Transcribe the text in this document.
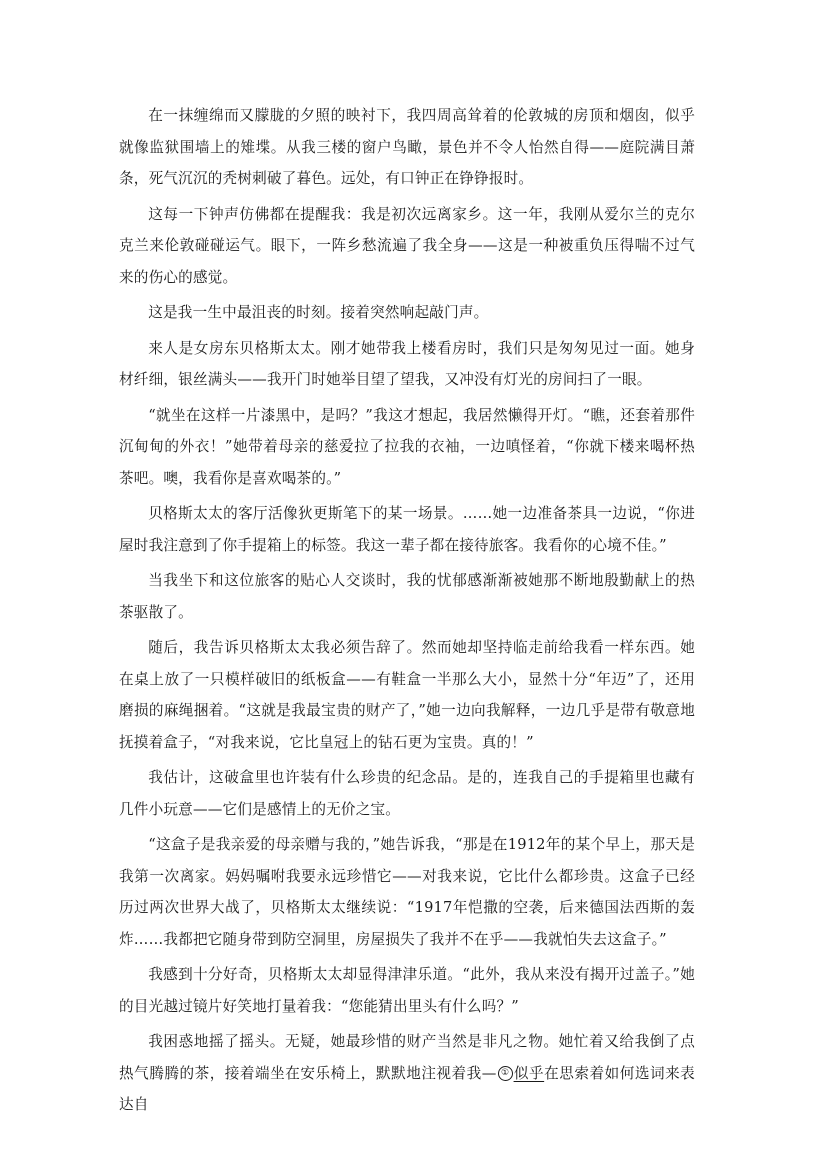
在一抹缠绵而又朦胧的夕照的映衬下，我四周高耸着的伦敦城的房顶和烟囱，似乎就像监狱围墙上的雉堞。从我三楼的窗户鸟瞰，景色并不令人怡然自得——庭院满目萧条，死气沉沉的秃树刺破了暮色。远处，有口钟正在铮铮报时。

这每一下钟声仿佛都在提醒我：我是初次远离家乡。这一年，我刚从爱尔兰的克尔克兰来伦敦碰碰运气。眼下，一阵乡愁流遍了我全身——这是一种被重负压得喘不过气来的伤心的感觉。

这是我一生中最沮丧的时刻。接着突然响起敲门声。

来人是女房东贝格斯太太。刚才她带我上楼看房时，我们只是匆匆见过一面。她身材纤细，银丝满头——我开门时她举目望了望我，又冲没有灯光的房间扫了一眼。

“就坐在这样一片漆黑中，是吗？”我这才想起，我居然懒得开灯。“瞧，还套着那件沉甸甸的外衣！”她带着母亲的慈爱拉了拉我的衣袖，一边嗔怪着，“你就下楼来喝杯热茶吧。噢，我看你是喜欢喝茶的。”

贝格斯太太的客厅活像狄更斯笔下的某一场景。……她一边准备茶具一边说，“你进屋时我注意到了你手提箱上的标签。我这一辈子都在接待旅客。我看你的心境不佳。”

当我坐下和这位旅客的贴心人交谈时，我的忧郁感渐渐被她那不断地殷勤献上的热茶驱散了。

随后，我告诉贝格斯太太我必须告辞了。然而她却坚持临走前给我看一样东西。她在桌上放了一只模样破旧的纸板盒——有鞋盒一半那么大小，显然十分“年迈”了，还用磨损的麻绳捆着。“这就是我最宝贵的财产了，”她一边向我解释，一边几乎是带有敬意地抚摸着盒子，“对我来说，它比皇冠上的钻石更为宝贵。真的！”

我估计，这破盒里也许装有什么珍贵的纪念品。是的，连我自己的手提箱里也藏有几件小玩意——它们是感情上的无价之宝。

“这盒子是我亲爱的母亲赠与我的，”她告诉我，“那是在1912年的某个早上，那天是我第一次离家。妈妈嘱咐我要永远珍惜它——对我来说，它比什么都珍贵。这盒子已经历过两次世界大战了，贝格斯太太继续说：“1917年恺撒的空袭，后来德国法西斯的轰炸……我都把它随身带到防空洞里，房屋损失了我并不在乎——我就怕失去这盒子。”

我感到十分好奇，贝格斯太太却显得津津乐道。“此外，我从来没有揭开过盖子。”她的目光越过镜片好笑地打量着我：“您能猜出里头有什么吗？”

我困惑地摇了摇头。无疑，她最珍惜的财产当然是非凡之物。她忙着又给我倒了点热气腾腾的茶，接着端坐在安乐椅上，默默地注视着我— ① 似乎在思索着如何选词来表达自
